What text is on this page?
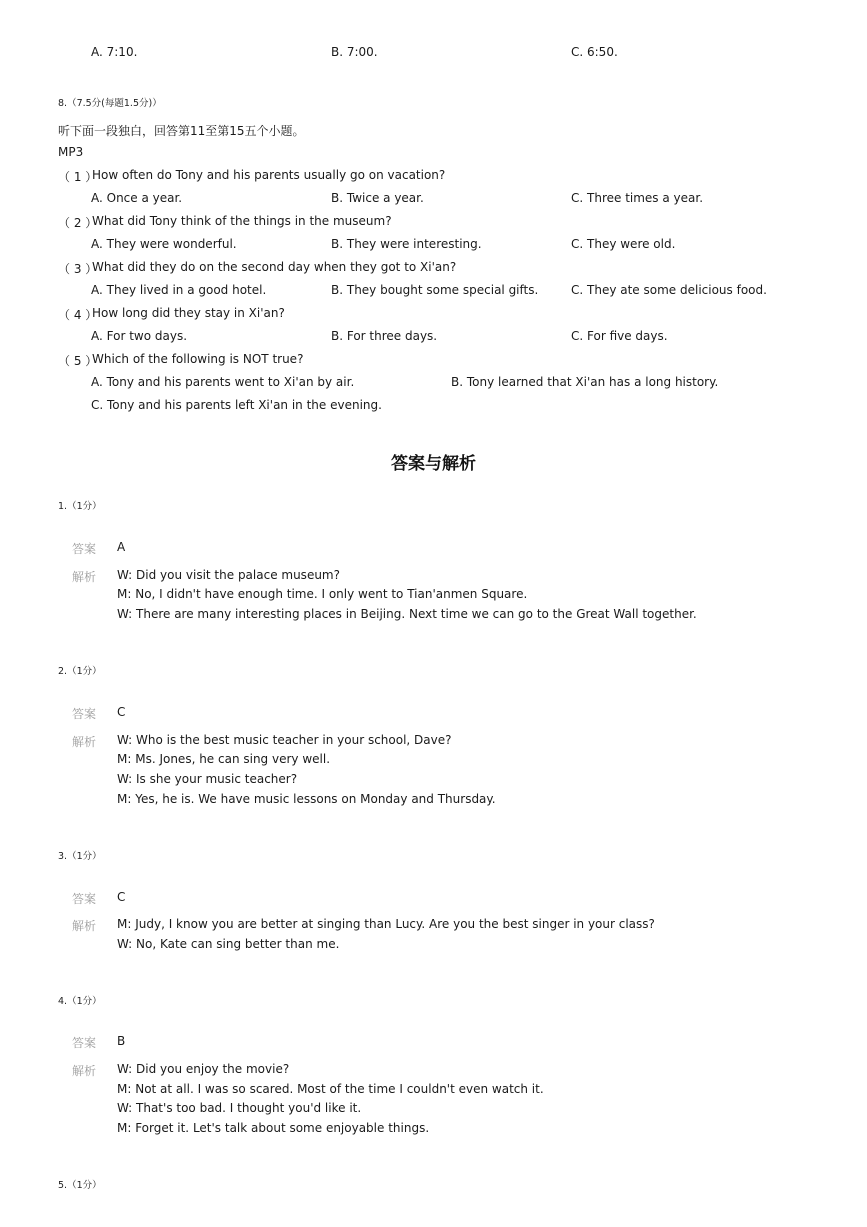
A. 7:10.	B. 7:00.	C. 6:50.
8.（7.5分(每题1.5分)）
听下面一段独白，回答第11至第15五个小题。
MP3
（ 1 ）
How often do Tony and his parents usually go on vacation?
A. Once a year.	B. Twice a year.	C. Three times a year.
（ 2 ）
What did Tony think of the things in the museum?
A. They were wonderful.	B. They were interesting.	C. They were old.
（ 3 ）
What did they do on the second day when they got to Xi'an?
A. They lived in a good hotel.	B. They bought some special gifts.	C. They ate some delicious food.
（ 4 ）
How long did they stay in Xi'an?
A. For two days.	B. For three days.	C. For five days.
（ 5 ）
Which of the following is NOT true?
A. Tony and his parents went to Xi'an by air.	B. Tony learned that Xi'an has a long history.
C. Tony and his parents left Xi'an in the evening.
答案与解析
1.（1分）
答案 A
解析 W: Did you visit the palace museum?
M: No, I didn't have enough time. I only went to Tian'anmen Square.
W: There are many interesting places in Beijing. Next time we can go to the Great Wall together.
2.（1分）
答案 C
解析 W: Who is the best music teacher in your school, Dave?
M: Ms. Jones, he can sing very well.
W: Is she your music teacher?
M: Yes, he is. We have music lessons on Monday and Thursday.
3.（1分）
答案 C
解析 M: Judy, I know you are better at singing than Lucy. Are you the best singer in your class?
W: No, Kate can sing better than me.
4.（1分）
答案 B
解析 W: Did you enjoy the movie?
M: Not at all. I was so scared. Most of the time I couldn't even watch it.
W: That's too bad. I thought you'd like it.
M: Forget it. Let's talk about some enjoyable things.
5.（1分）
